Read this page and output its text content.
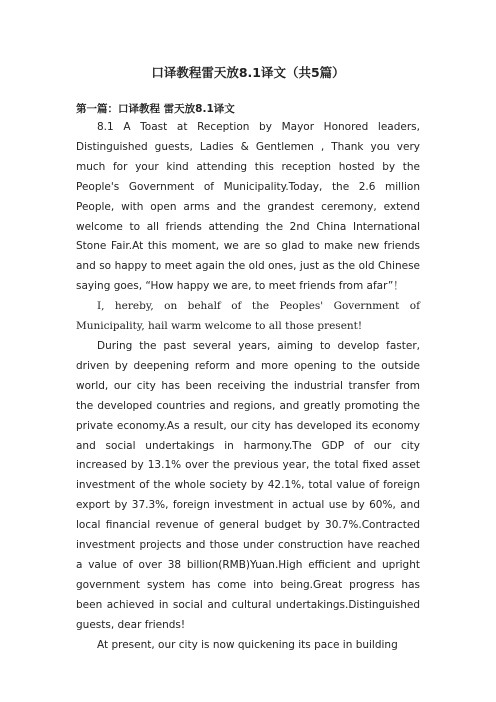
口译教程雷天放8.1译文（共5篇）
第一篇：口译教程 雷天放8.1译文

8.1 A Toast at Reception by Mayor Honored leaders, Distinguished guests, Ladies & Gentlemen , Thank you very much for your kind attending this reception hosted by the People's Government of Municipality.Today, the 2.6 million People, with open arms and the grandest ceremony, extend welcome to all friends attending the 2nd China International Stone Fair.At this moment, we are so glad to make new friends and so happy to meet again the old ones, just as the old Chinese saying goes, “How happy we are, to meet friends from afar”！

I, hereby, on behalf of the Peoples' Government of Municipality, hail warm welcome to all those present!

During the past several years, aiming to develop faster, driven by deepening reform and more opening to the outside world, our city has been receiving the industrial transfer from the developed countries and regions, and greatly promoting the private economy.As a result, our city has developed its economy and social undertakings in harmony.The GDP of our city increased by 13.1% over the previous year, the total fixed asset investment of the whole society by 42.1%, total value of foreign export by 37.3%, foreign investment in actual use by 60%, and local financial revenue of general budget by 30.7%.Contracted investment projects and those under construction have reached a value of over 38 billion(RMB)Yuan.High efficient and upright government system has come into being.Great progress has been achieved in social and cultural undertakings.Distinguished guests, dear friends!

At present, our city is now quickening its pace in building
